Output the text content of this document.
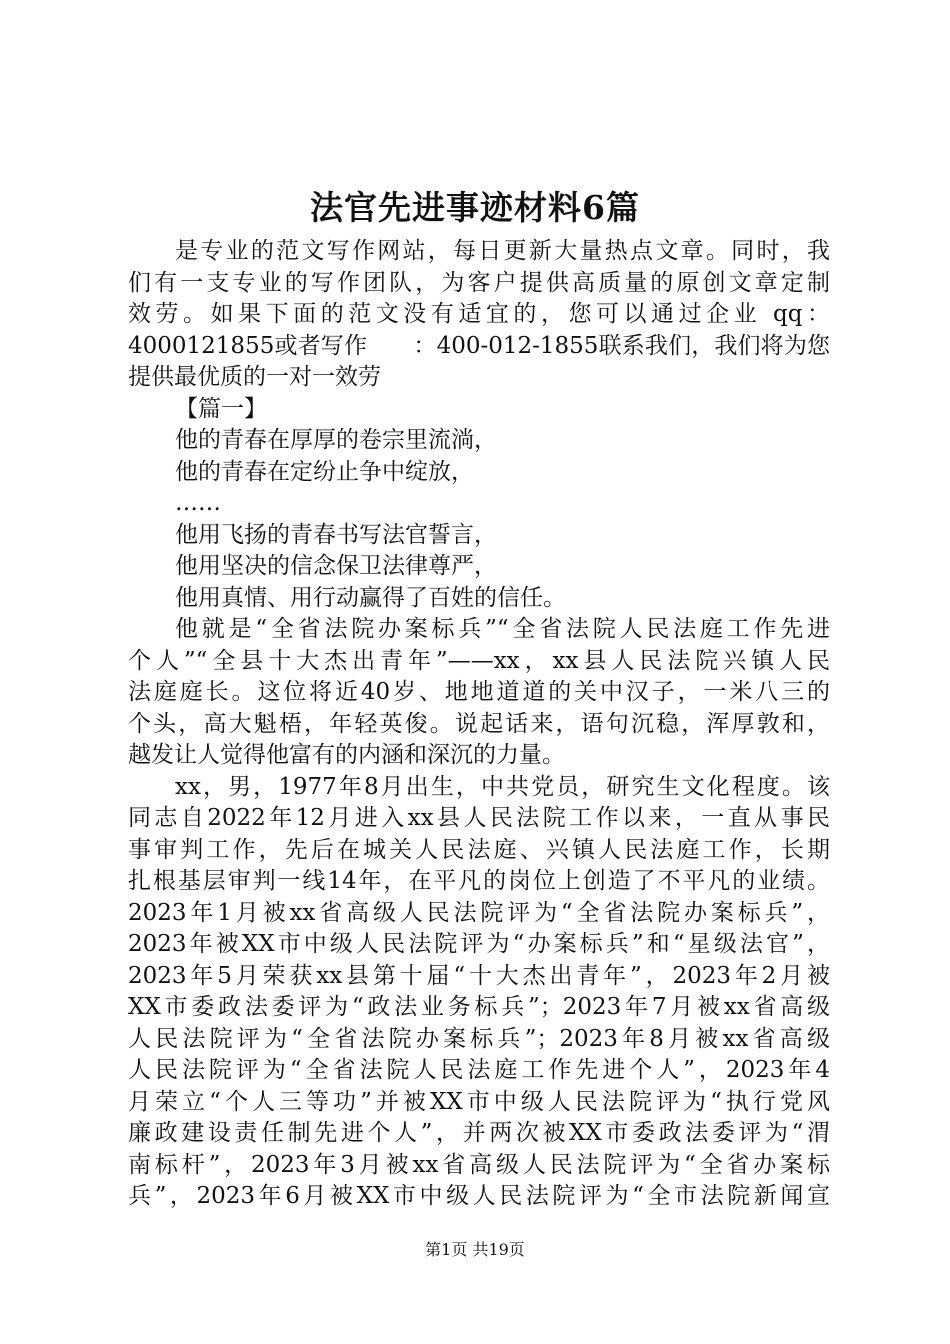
法官先进事迹材料6篇

是专业的范文写作网站，每日更新大量热点文章。同时，我

们有一支专业的写作团队，为客户提供高质量的原创文章定制

效劳。如果下面的范文没有适宜的，您可以通过企业 qq：

4000121855或者写作　　：400-012-1855联系我们，我们将为您

提供最优质的一对一效劳

【篇一】

他的青春在厚厚的卷宗里流淌，

他的青春在定纷止争中绽放，

……

他用飞扬的青春书写法官誓言，

他用坚决的信念保卫法律尊严，

他用真情、用行动赢得了百姓的信任。

他就是“全省法院办案标兵”“全省法院人民法庭工作先进

个人”“全县十大杰出青年”——xx，xx县人民法院兴镇人民

法庭庭长。这位将近40岁、地地道道的关中汉子，一米八三的

个头，高大魁梧，年轻英俊。说起话来，语句沉稳，浑厚敦和，

越发让人觉得他富有的内涵和深沉的力量。

xx，男，1977年8月出生，中共党员，研究生文化程度。该

同志自2022年12月进入xx县人民法院工作以来，一直从事民

事审判工作，先后在城关人民法庭、兴镇人民法庭工作，长期

扎根基层审判一线14年，在平凡的岗位上创造了不平凡的业绩。

2023年1月被xx省高级人民法院评为“全省法院办案标兵”，

2023年被XX市中级人民法院评为“办案标兵”和“星级法官”，

2023年5月荣获xx县第十届“十大杰出青年”，2023年2月被

XX市委政法委评为“政法业务标兵”；2023年7月被xx省高级

人民法院评为“全省法院办案标兵”；2023年8月被xx省高级

人民法院评为“全省法院人民法庭工作先进个人”，2023年4

月荣立“个人三等功”并被XX市中级人民法院评为“执行党风

廉政建设责任制先进个人”，并两次被XX市委政法委评为“渭

南标杆”，2023年3月被xx省高级人民法院评为“全省办案标

兵”，2023年6月被XX市中级人民法院评为“全市法院新闻宣

第1页 共19页
